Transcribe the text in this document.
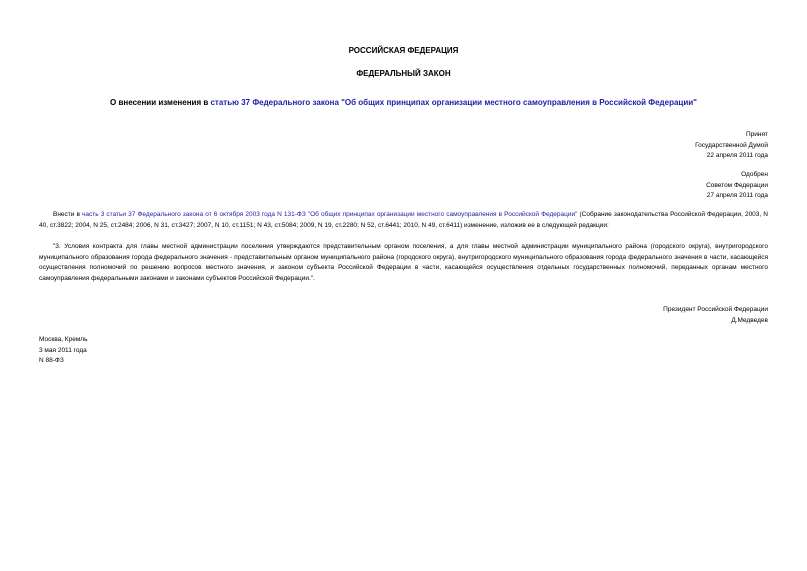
РОССИЙСКАЯ ФЕДЕРАЦИЯ
ФЕДЕРАЛЬНЫЙ ЗАКОН
О внесении изменения в статью 37 Федерального закона "Об общих принципах организации местного самоуправления в Российской Федерации"
Принят
Государственной Думой
22 апреля 2011 года
Одобрен
Советом Федерации
27 апреля 2011 года
Внести в часть 3 статьи 37 Федерального закона от 6 октября 2003 года N 131-ФЗ "Об общих принципах организации местного самоуправления в Российской Федерации" (Собрание законодательства Российской Федерации, 2003, N 40, ст.3822; 2004, N 25, ст.2484; 2006, N 31, ст.3427; 2007, N 10, ст.1151; N 43, ст.5084; 2009, N 19, ст.2280; N 52, ст.6441; 2010, N 49, ст.6411) изменение, изложив ее в следующей редакции:
"3. Условия контракта для главы местной администрации поселения утверждаются представительным органом поселения, а для главы местной администрации муниципального района (городского округа), внутригородского муниципального образования города федерального значения - представительным органом муниципального района (городского округа), внутригородского муниципального образования города федерального значения в части, касающейся осуществления полномочий по решению вопросов местного значения, и законом субъекта Российской Федерации в части, касающейся осуществления отдельных государственных полномочий, переданных органам местного самоуправления федеральными законами и законами субъектов Российской Федерации.".
Президент Российской Федерации
Д.Медведев
Москва, Кремль
3 мая 2011 года
N 88-ФЗ
